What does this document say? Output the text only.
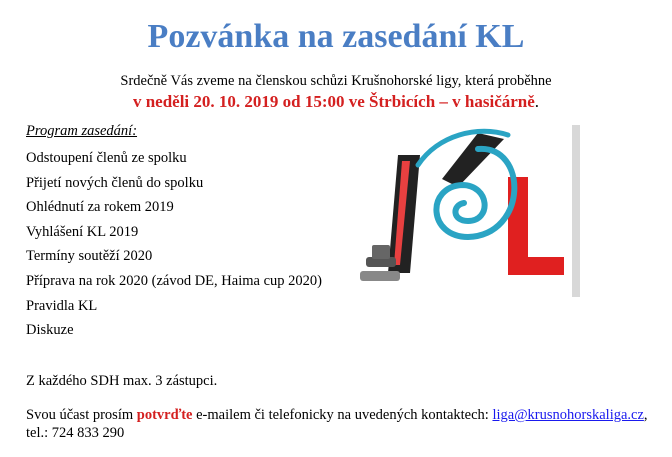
Pozvánka na zasedání KL
Srdečně Vás zveme na členskou schůzi Krušnohorské ligy, která proběhne
v neděli 20. 10. 2019 od 15:00 ve Štrbicích – v hasičárně.
Program zasedání:
Odstoupení členů ze spolku
Přijetí nových členů do spolku
Ohlédnutí za rokem 2019
Vyhlášení KL 2019
Termíny soutěží 2020
Příprava na rok 2020 (závod DE, Haima cup 2020)
Pravidla KL
Diskuze
Z každého SDH max. 3 zástupci.
Svou účast prosím potvrďte e-mailem či telefonicky na uvedených kontaktech: liga@krusnohorskaliga.cz,
tel.: 724 833 290
